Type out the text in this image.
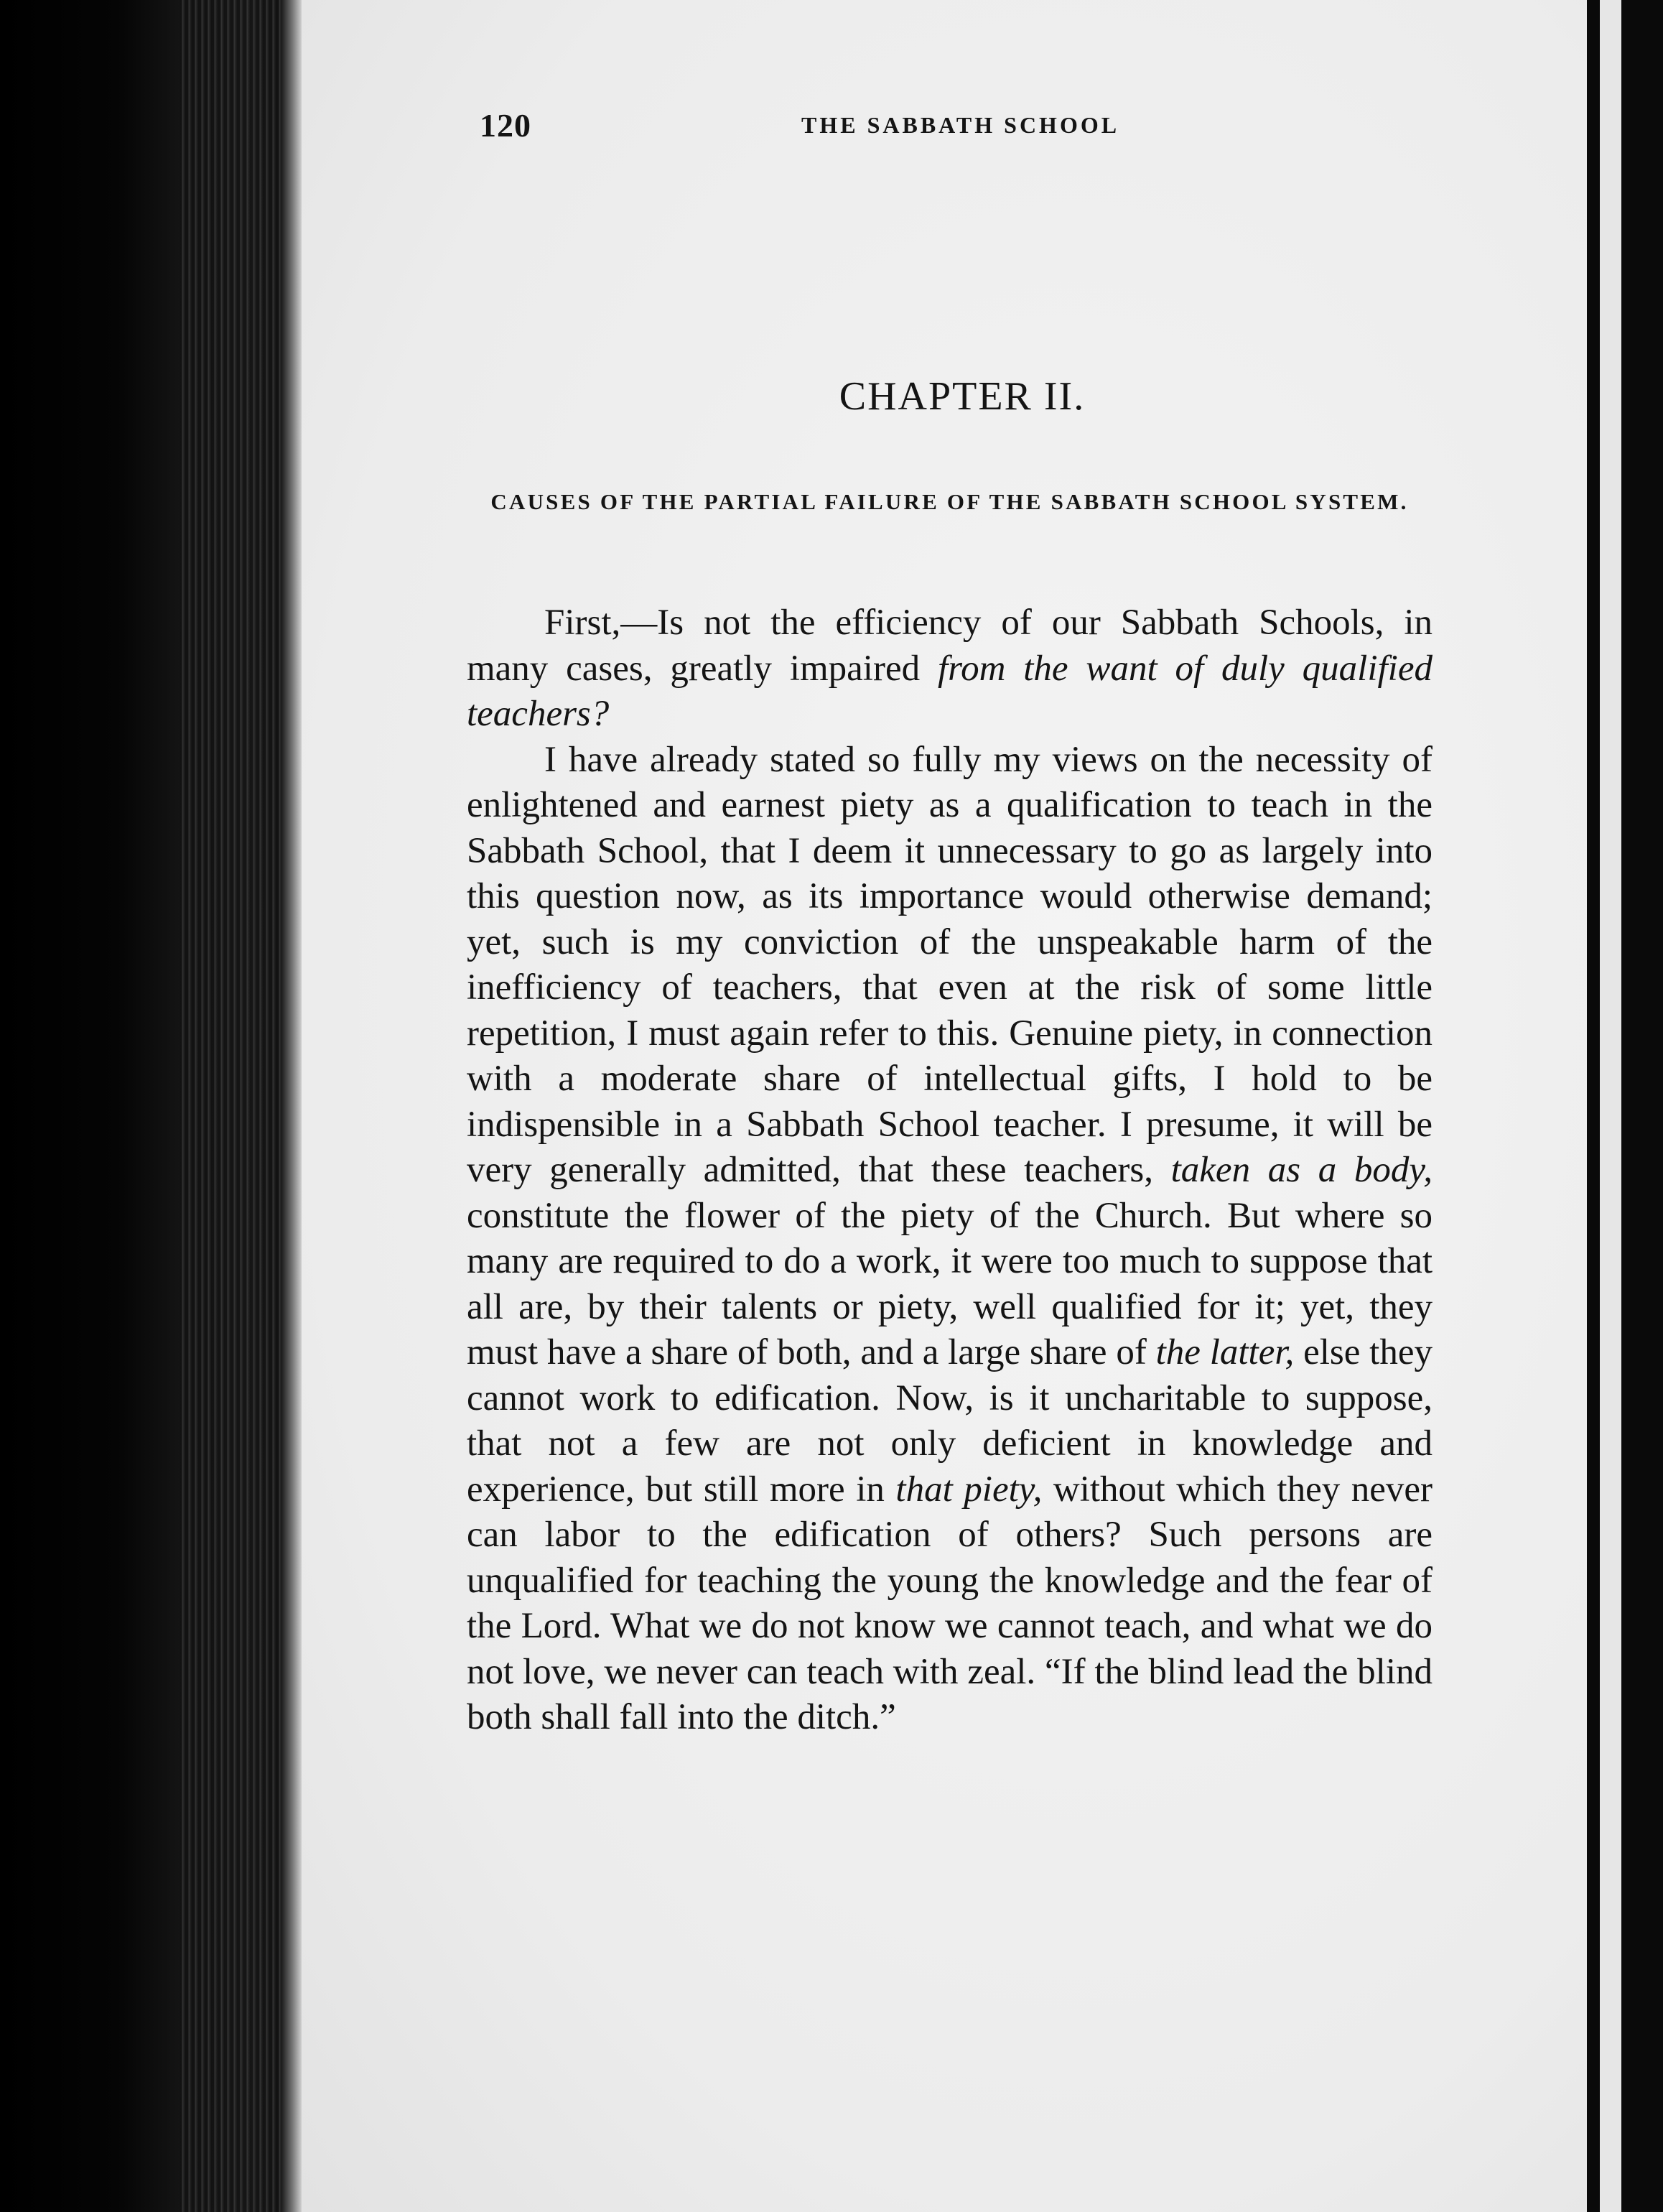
120	THE SABBATH SCHOOL
CHAPTER II.
CAUSES OF THE PARTIAL FAILURE OF THE SABBATH SCHOOL SYSTEM.

First,—Is not the efficiency of our Sabbath Schools, in many cases, greatly impaired from the want of duly qualified teachers?

I have already stated so fully my views on the necessity of enlightened and earnest piety as a qualification to teach in the Sabbath School, that I deem it unnecessary to go as largely into this question now, as its importance would otherwise demand; yet, such is my conviction of the unspeakable harm of the inefficiency of teachers, that even at the risk of some little repetition, I must again refer to this. Genuine piety, in connection with a moderate share of intellectual gifts, I hold to be indispensible in a Sabbath School teacher. I presume, it will be very generally admitted, that these teachers, taken as a body, constitute the flower of the piety of the Church. But where so many are required to do a work, it were too much to suppose that all are, by their talents or piety, well qualified for it; yet, they must have a share of both, and a large share of the latter, else they cannot work to edification. Now, is it uncharitable to suppose, that not a few are not only deficient in knowledge and experience, but still more in that piety, without which they never can labor to the edification of others? Such persons are unqualified for teaching the young the knowledge and the fear of the Lord. What we do not know we cannot teach, and what we do not love, we never can teach with zeal. “If the blind lead the blind both shall fall into the ditch.”
